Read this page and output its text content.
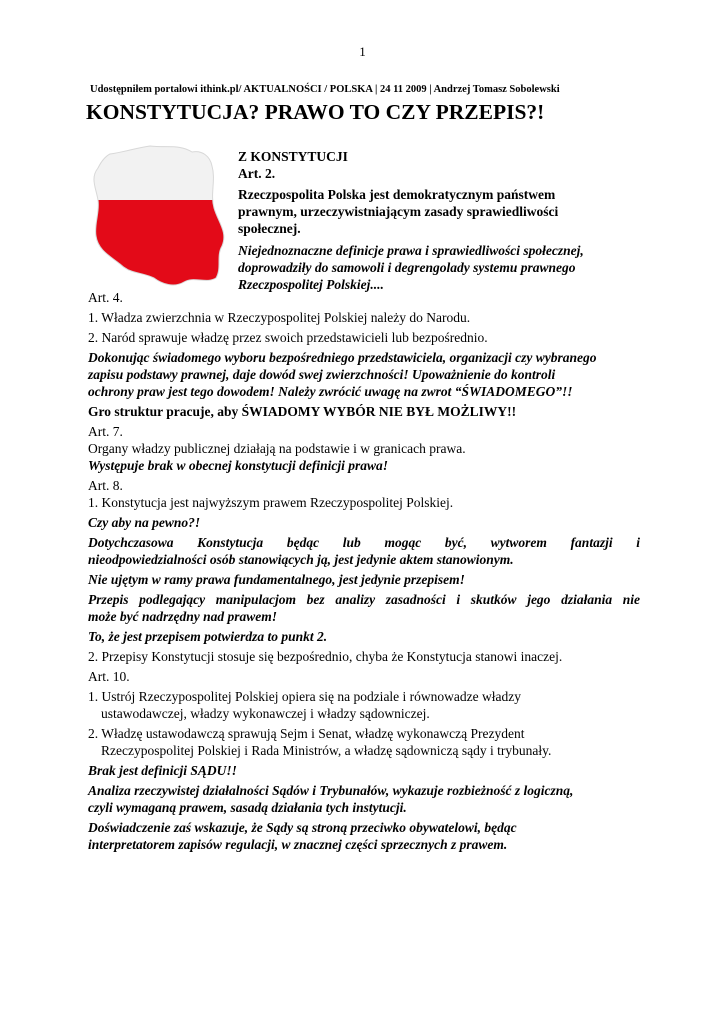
1
Udostępniłem portalowi ithink.pl/ AKTUALNOŚCI / POLSKA | 24 11 2009 | Andrzej Tomasz Sobolewski
KONSTYTUCJA? PRAWO TO CZY PRZEPIS?!

Z KONSTYTUCJI

Art. 2.

Rzeczpospolita Polska jest demokratycznym państwem

prawnym, urzeczywistniającym zasady sprawiedliwości

społecznej.

Niejednoznaczne definicje prawa i sprawiedliwości społecznej,

doprowadziły do samowoli i degrengolady systemu prawnego

Rzeczpospolitej Polskiej....

Art. 4.

1. Władza zwierzchnia w Rzeczypospolitej Polskiej należy do Narodu.

2. Naród sprawuje władzę przez swoich przedstawicieli lub bezpośrednio.

Dokonując świadomego wyboru bezpośredniego przedstawiciela, organizacji czy wybranego
zapisu podstawy prawnej, daje dowód swej zwierzchności! Upoważnienie do kontroli
ochrony praw jest tego dowodem! Należy zwrócić uwagę na zwrot “ŚWIADOMEGO”!!

Gro struktur pracuje, aby ŚWIADOMY WYBÓR NIE BYŁ MOŻLIWY!!

Art. 7.

Organy władzy publicznej działają na podstawie i w granicach prawa.

Występuje brak w obecnej konstytucji definicji prawa!

Art. 8.

1. Konstytucja jest najwyższym prawem Rzeczypospolitej Polskiej.

Czy aby na pewno?!

Dotychczasowa Konstytucja będąc lub mogąc być, wytworem fantazji i
nieodpowiedzialności osób stanowiących ją, jest jedynie aktem stanowionym.

Nie ujętym w ramy prawa fundamentalnego, jest jedynie przepisem!

Przepis podlegający manipulacjom bez analizy zasadności i skutków jego działania nie
może być nadrzędny nad prawem!

To, że jest przepisem potwierdza to punkt 2.

2. Przepisy Konstytucji stosuje się bezpośrednio, chyba że Konstytucja stanowi inaczej.

Art. 10.

1. Ustrój Rzeczypospolitej Polskiej opiera się na podziale i równowadze władzy
ustawodawczej, władzy wykonawczej i władzy sądowniczej.

2. Władzę ustawodawczą sprawują Sejm i Senat, władzę wykonawczą Prezydent
Rzeczypospolitej Polskiej i Rada Ministrów, a władzę sądowniczą sądy i trybunały.

Brak jest definicji SĄDU!!

Analiza rzeczywistej działalności Sądów i Trybunałów, wykazuje rozbieżność z logiczną,
czyli wymaganą prawem, sasadą działania tych instytucji.

Doświadczenie zaś wskazuje, że Sądy są stroną przeciwko obywatelowi, będąc
interpretatorem zapisów regulacji, w znacznej części sprzecznych z prawem.
